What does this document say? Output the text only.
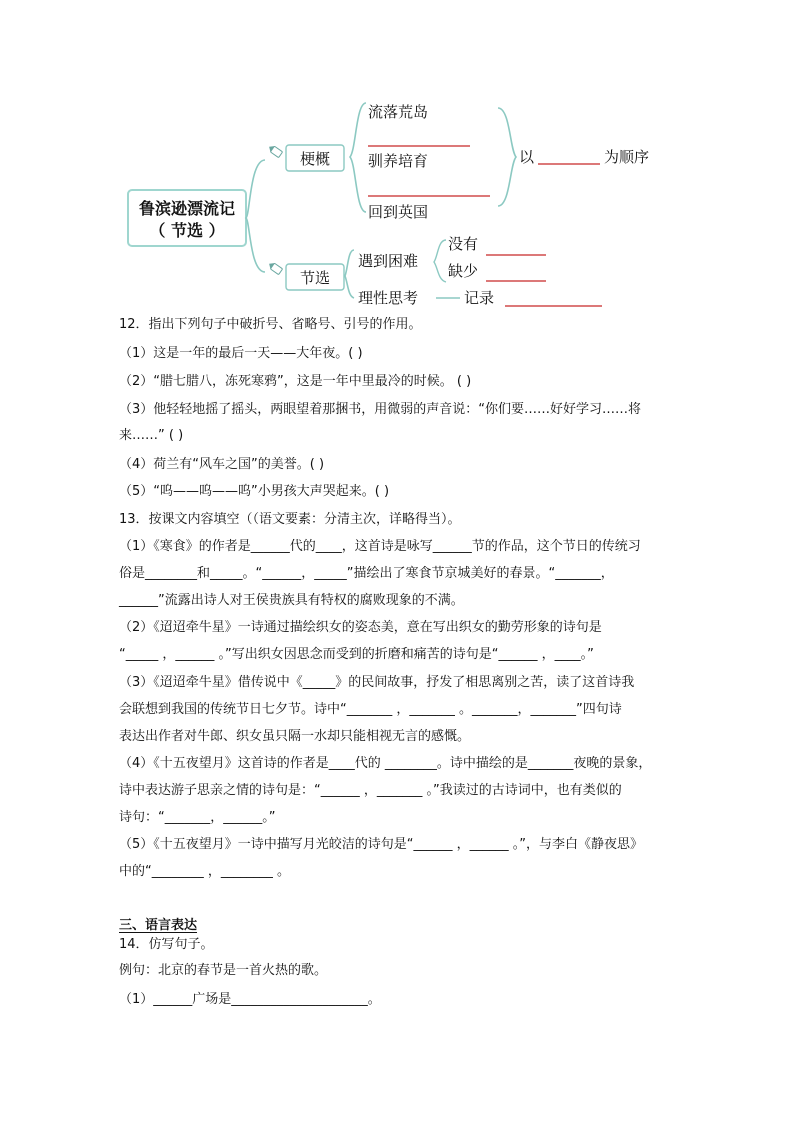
鲁滨逊漂流记
（ 节选 ）
梗概
节选
流落荒岛
驯养培育
回到英国
以	为顺序
遇到困难
没有
缺少
理性思考	记录
12．指出下列句子中破折号、省略号、引号的作用。
（1）这是一年的最后一天——大年夜。( )
（2）“腊七腊八，冻死寒鸦”，这是一年中里最冷的时候。 ( )
（3）他轻轻地摇了摇头，两眼望着那捆书，用微弱的声音说：“你们要……好好学习……将
来……” ( )
（4）荷兰有“风车之国”的美誉。( )
（5）“呜——呜——呜”小男孩大声哭起来。( )
13．按课文内容填空（（语文要素：分清主次，详略得当）。
（1）《寒食》的作者是______代的____，这首诗是咏写______节的作品，这个节日的传统习
俗是________和_____。“______，_____”描绘出了寒食节京城美好的春景。“_______，
______”流露出诗人对王侯贵族具有特权的腐败现象的不满。
（2）《迢迢牵牛星》一诗通过描绘织女的姿态美，意在写出织女的勤劳形象的诗句是
“_____ ，______ 。”写出织女因思念而受到的折磨和痛苦的诗句是“______ ，____。”
（3）《迢迢牵牛星》借传说中《_____》的民间故事，抒发了相思离别之苦，读了这首诗我
会联想到我国的传统节日七夕节。诗中“_______ ，_______ 。_______，_______”四句诗
表达出作者对牛郎、织女虽只隔一水却只能相视无言的感慨。
（4）《十五夜望月》这首诗的作者是____代的 ________。诗中描绘的是_______夜晚的景象，
诗中表达游子思亲之情的诗句是：“______ ，_______ 。”我读过的古诗词中，也有类似的
诗句：“_______，______。”
（5）《十五夜望月》一诗中描写月光皎洁的诗句是“______ ，______ 。”，与李白《静夜思》
中的“________ ，________ 。
三、语言表达
14．仿写句子。
例句：北京的春节是一首火热的歌。
（1）______广场是_____________________。
